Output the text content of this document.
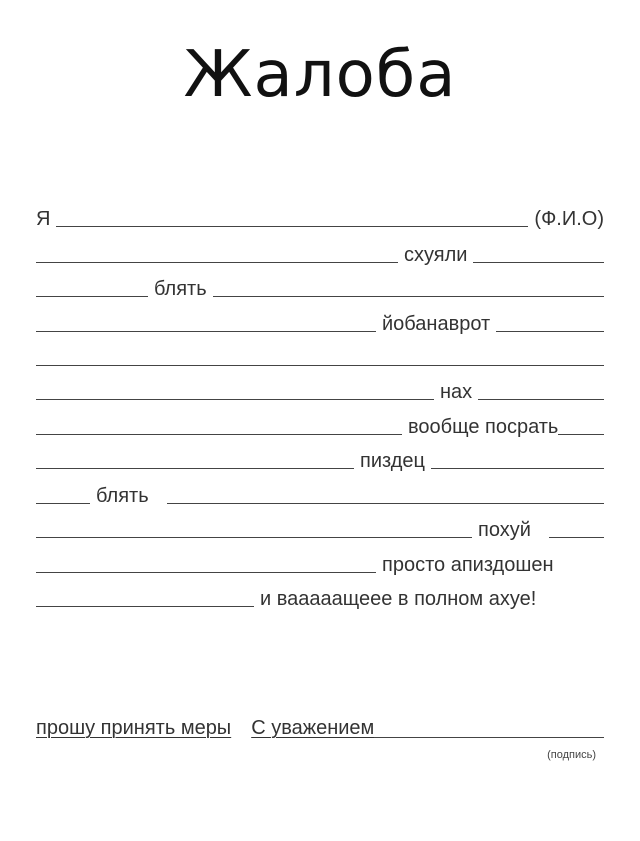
Жалоба
Я	(Ф.И.О)
схуяли
блять
йобанаврот
нах
вообще посрать
пиздец
блять
похуй
просто апиздошен
и вааааащеее в полном ахуе!
прошу принять меры С уважением
(подпись)
